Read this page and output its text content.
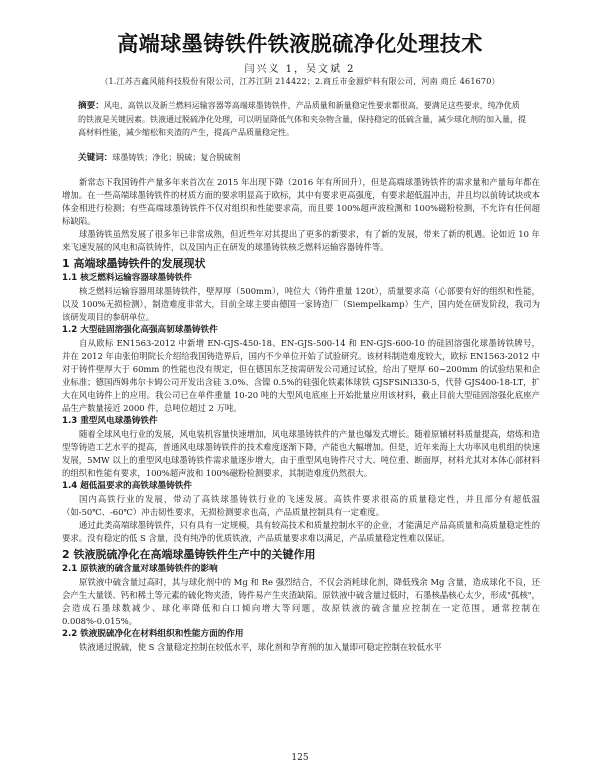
高端球墨铸铁件铁液脱硫净化处理技术
闫兴义 1，吴文斌 2
（1.江苏吉鑫风能科技股份有限公司，江苏江阴 214422；2.商丘市金源炉料有限公司，河南 商丘 461670）
摘要：风电、高铁以及新兰燃料运输容器等高端球墨铸铁件，产品质量和新量稳定性要求都很高，要满足这些要求，纯净优质的铁液是关键因素。铁液通过脱硫净化处理，可以明显降低气体和夹杂物含量，保持稳定的低硫含量，减少球化剂的加入量，提高材料性能，减少缩松和夹渣的产生，提高产品质量稳定性。
关键词：球墨铸铁；净化；脱硫；复合脱硫剂

新常态下我国铸件产量多年来首次在 2015 年出现下降（2016 年有所回升），但是高端球墨铸铁件的需求量和产量每年都在增加。在一些高端球墨铸铁件的材质方面的要求明显高于欧标，其中有要求更高强度，有要求超低温冲击，并且均以前铸试块或本体金相进行检测；有些高端球墨铸铁件不仅对组织和性能要求高，而且要 100%超声波检测和 100%磁粉检测，不允许有任何超标缺陷。

球墨铸铁虽然发展了很多年已非常成熟，但近些年对其提出了更多的新要求，有了新的发展，带来了新的机遇。论如近 10 年来飞速发展的风电和高铁铸件，以及国内正在研发的球墨铸铁核乏燃料运输容器铸件等。

1 高端球墨铸铁件的发展现状
1.1 核乏燃料运输容器球墨铸铁件

核乏燃料运输容器用球墨铸铁件，壁厚厚（500mm），吨位大（铸件重量 120t），质量要求高（心部要有好的组织和性能，以及 100%无损检测），制造难度非常大，目前全球主要由德国一家铸造厂（Siempelkamp）生产，国内处在研发阶段，我司为该研发项目的参研单位。

1.2 大型硅固溶强化高强高韧球墨铸铁件

自从欧标 EN1563-2012 中新增 EN-GJS-450-18、EN-GJS-500-14 和 EN-GJS-600-10 的硅固溶强化球墨铸铁牌号，并在 2012 年由张伯明院长介绍给我国铸造界后，国内不少单位开始了试验研究。该材料制造难度较大，欧标 EN1563-2012 中对于铸件壁厚大于 60mm 的性能也没有规定，但在德国东芝按需研发公司通过试验，给出了壁厚 60~200mm 的试验结果和企业标准；德国西姆弗尔卡姆公司开发出含硅 3.0%、含镍 0.5%的硅强化铁素体球铁 GJSFSiNi330-5，代替 GJS400-18-LT，扩大在风电铸件上的应用。我公司已在单件重量 10-20 吨的大型风电底座上开始批量应用该材料，截止目前大型硅固溶强化底座产品生产数量接近 2000 件，总吨位超过 2 万吨。

1.3 重型风电球墨铸铁件

随着全球风电行业的发展，风电装机容量快速增加，风电球墨铸铁件的产量也爆发式增长。随着原辅材料质量提高，熔炼和造型等铸造工艺水平的提高，普通风电球墨铸铁件的技术难度逐渐下降，产能也大幅增加。但是，近年来海上大功率风电机组的快速发展，5MW 以上的重型风电球墨铸铁件需求量逐步增大，由于重型风电铸件尺寸大、吨位重、断面厚，材料尤其对本体心部材料的组织和性能有要求，100%超声波和 100%磁粉检测要求，其制造难度仍然很大。

1.4 超低温要求的高铁球墨铸铁件

国内高铁行业的发展，带动了高铁球墨铸铁行业的飞速发展。高铁件要求很高的质量稳定性，并且部分有超低温（如-50℃、-60℃）冲击韧性要求，无损检测要求也高，产品质量控制具有一定难度。

通过此类高端球墨铸铁件，只有具有一定规模，具有较高技术和质量控制水平的企业，才能满足产品高质量和高质量稳定性的要求。没有稳定的低 S 含量，没有纯净的优质铁液，产品质量要求难以满足，产品质量稳定性难以保证。

2 铁液脱硫净化在高端球墨铸铁件生产中的关键作用
2.1 原铁液的硫含量对球墨铸铁件的影响

原铁液中硫含量过高时，其与球化剂中的 Mg 和 Re 强烈结合，不仅会消耗球化剂，降低残余 Mg 含量，造成球化不良，还会产生大量镁、钙和稀土等元素的硫化物夹渣，铸件易产生夹渣缺陷。原铁液中硫含量过低时，石墨核晶核心太少，形成"孤核"，会造成石墨球数减少、球化率降低和白口倾向增大等问题，故原铁液的硫含量应控制在一定范围，通常控制在 0.008%-0.015%。

2.2 铁液脱硫净化在材料组织和性能方面的作用

铁液通过脱硫，使 S 含量稳定控制在较低水平，球化剂和孕育剂的加入量即可稳定控制在较低水平

125
